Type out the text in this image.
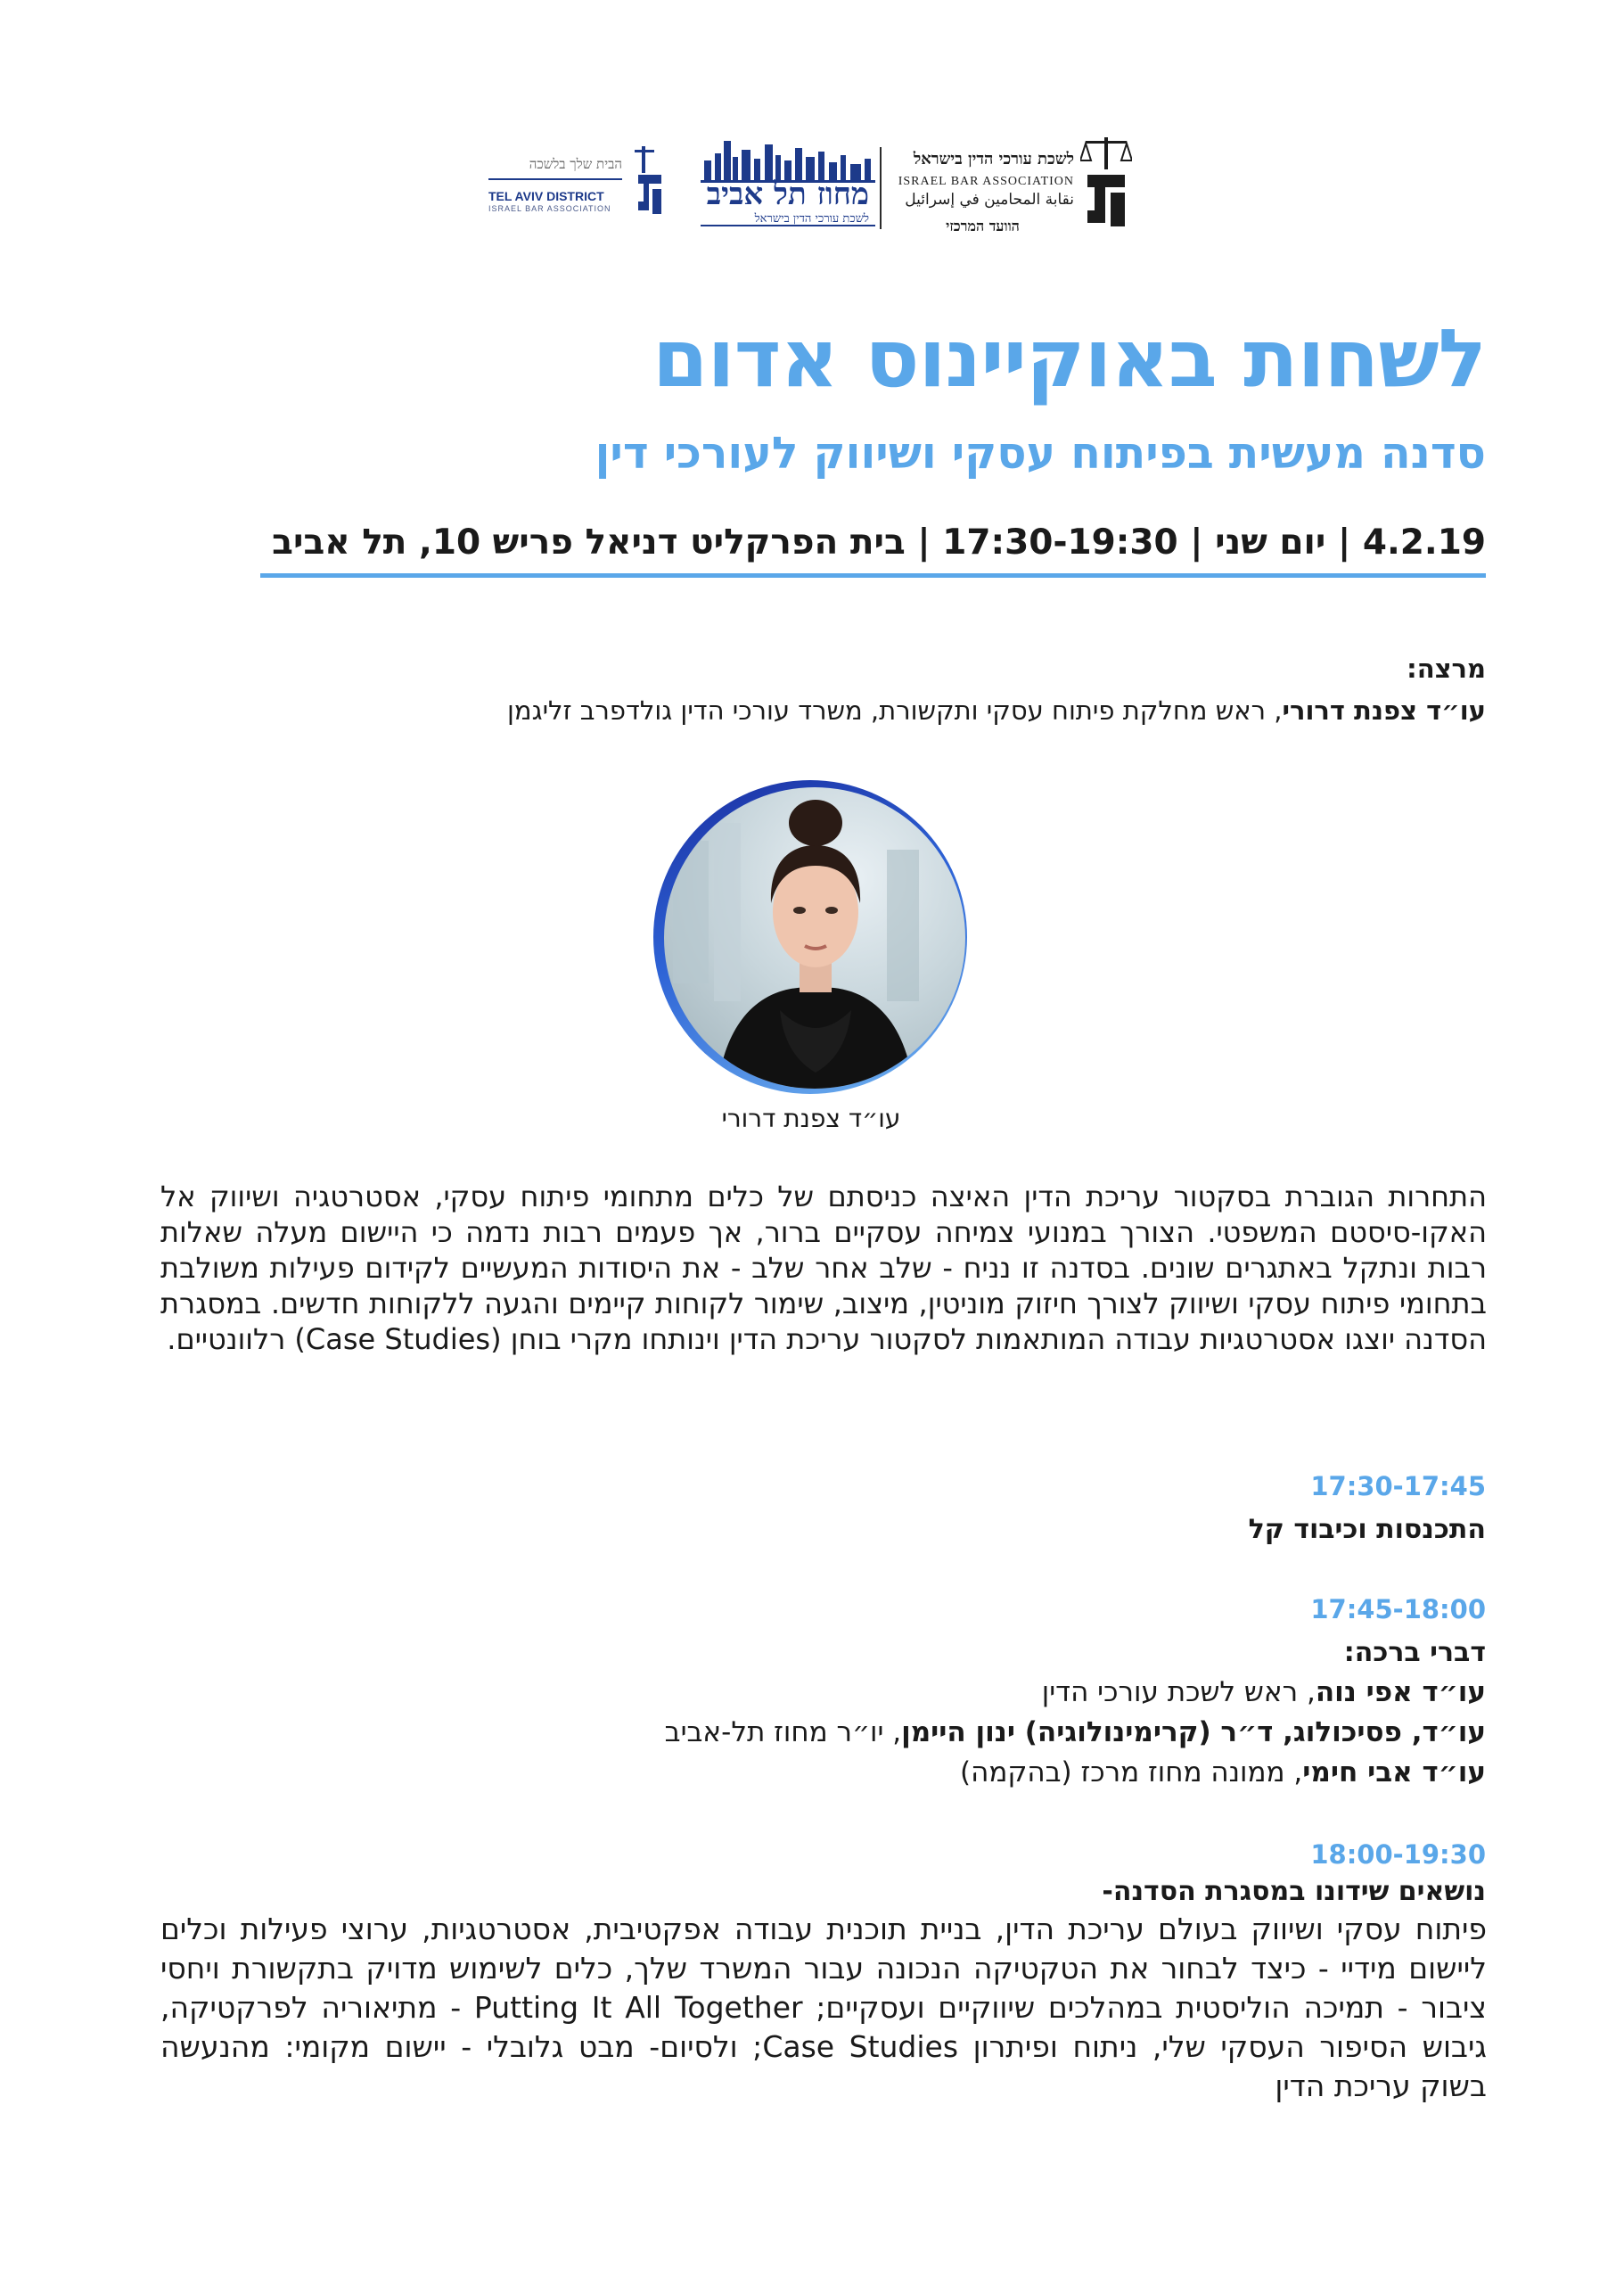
לשכת עורכי הדין בישראל
ISRAEL BAR ASSOCIATION
نقابة المحامين في إسرائيل
הוועד המרכזי
הבית שלך בלשכה
TEL AVIV DISTRICT
ISRAEL BAR ASSOCIATION	מחוז תל אביב
לשכת עורכי הדין בישראל
לשחות באוקיינוס אדום
סדנה מעשית בפיתוח עסקי ושיווק לעורכי דין
4.2.19 | יום שני | 17:30-19:30 | בית הפרקליט דניאל פריש 10, תל אביב
מרצה:
עו״ד צפנת דרורי, ראש מחלקת פיתוח עסקי ותקשורת, משרד עורכי הדין גולדפרב זליגמן
עו״ד צפנת דרורי
התחרות הגוברת בסקטור עריכת הדין האיצה כניסתם של כלים מתחומי פיתוח עסקי, אסטרטגיה ושיווק אל האקו-סיסטם המשפטי. הצורך במנועי צמיחה עסקיים ברור, אך פעמים רבות נדמה כי היישום מעלה שאלות רבות ונתקל באתגרים שונים. בסדנה זו נניח - שלב אחר שלב - את היסודות המעשיים לקידום פעילות משולבת בתחומי פיתוח עסקי ושיווק לצורך חיזוק מוניטין, מיצוב, שימור לקוחות קיימים והגעה ללקוחות חדשים. במסגרת הסדנה יוצגו אסטרטגיות עבודה המותאמות לסקטור עריכת הדין וינותחו מקרי בוחן (Case Studies) רלוונטיים.
17:30-17:45
התכנסות וכיבוד קל
17:45-18:00
דברי ברכה:
עו״ד אפי נוה, ראש לשכת עורכי הדין
עו״ד, פסיכולוג, ד״ר (קרימינולוגיה) ינון היימן, יו״ר מחוז תל-אביב
עו״ד אבי חימי, ממונה מחוז מרכז (בהקמה)
18:00-19:30
נושאים שידונו במסגרת הסדנה-
פיתוח עסקי ושיווק בעולם עריכת הדין, בניית תוכנית עבודה אפקטיבית, אסטרטגיות, ערוצי פעילות וכלים ליישום מידיי - כיצד לבחור את הטקטיקה הנכונה עבור המשרד שלך, כלים לשימוש מדויק בתקשורת ויחסי ציבור - תמיכה הוליסטית במהלכים שיווקיים ועסקיים; Putting It All Together - מתיאוריה לפרקטיקה, גיבוש הסיפור העסקי שלי, ניתוח ופיתרון Case Studies; ולסיום- מבט גלובלי - יישום מקומי: מהנעשה בשוק עריכת הדין
